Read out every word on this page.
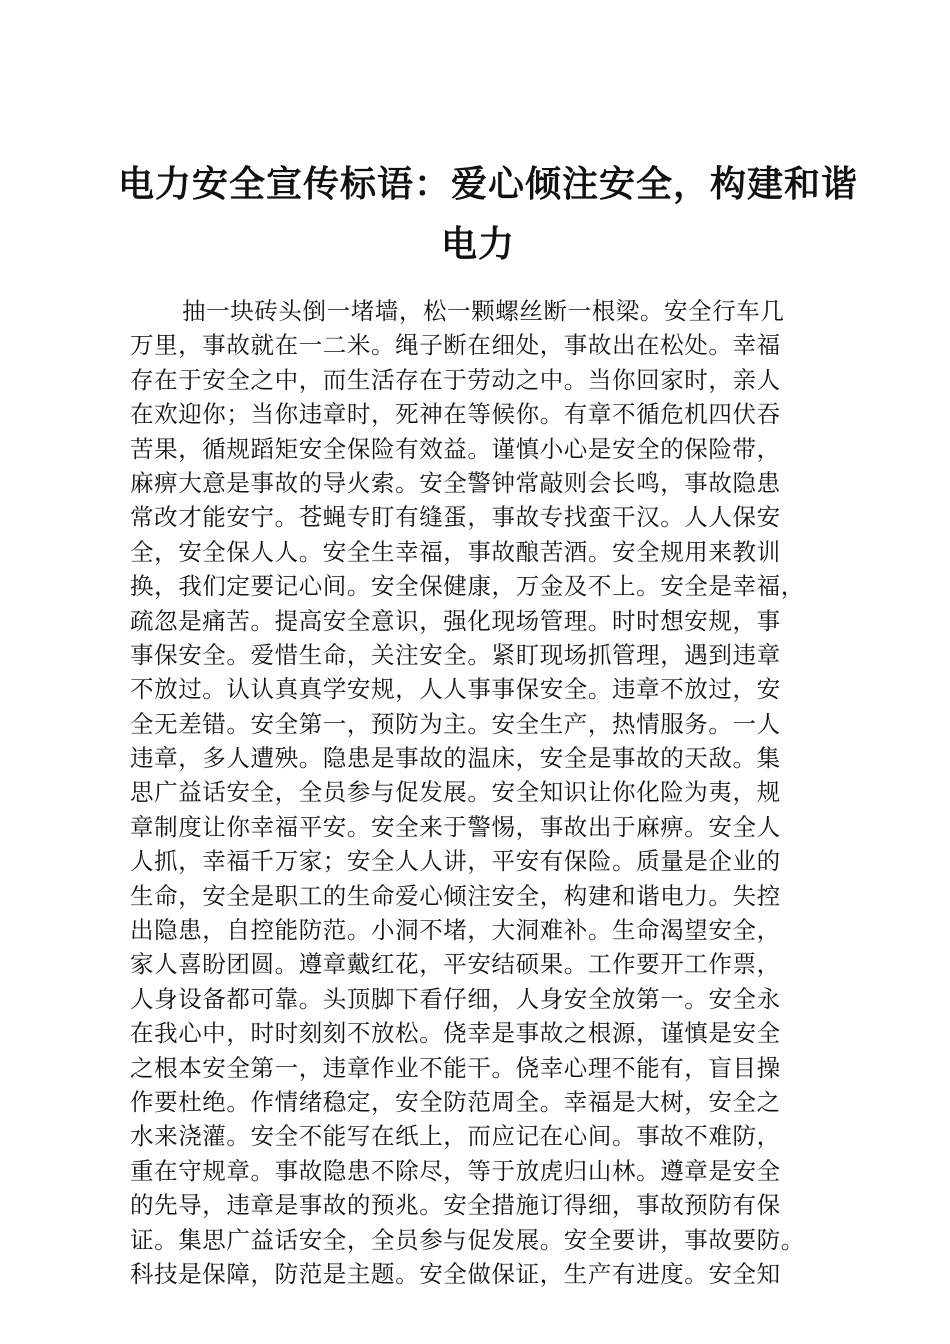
电力安全宣传标语：爱心倾注安全，构建和谐
电力
抽一块砖头倒一堵墙，松一颗螺丝断一根梁。安全行车几
万里，事故就在一二米。绳子断在细处，事故出在松处。幸福
存在于安全之中，而生活存在于劳动之中。当你回家时，亲人
在欢迎你；当你违章时，死神在等候你。有章不循危机四伏吞
苦果，循规蹈矩安全保险有效益。谨慎小心是安全的保险带，
麻痹大意是事故的导火索。安全警钟常敲则会长鸣，事故隐患
常改才能安宁。苍蝇专盯有缝蛋，事故专找蛮干汉。人人保安
全，安全保人人。安全生幸福，事故酿苦酒。安全规用来教训
换，我们定要记心间。安全保健康，万金及不上。安全是幸福，
疏忽是痛苦。提高安全意识，强化现场管理。时时想安规，事
事保安全。爱惜生命，关注安全。紧盯现场抓管理，遇到违章
不放过。认认真真学安规，人人事事保安全。违章不放过，安
全无差错。安全第一，预防为主。安全生产，热情服务。一人
违章，多人遭殃。隐患是事故的温床，安全是事故的天敌。集
思广益话安全，全员参与促发展。安全知识让你化险为夷，规
章制度让你幸福平安。安全来于警惕，事故出于麻痹。安全人
人抓，幸福千万家；安全人人讲，平安有保险。质量是企业的
生命，安全是职工的生命爱心倾注安全，构建和谐电力。失控
出隐患，自控能防范。小洞不堵，大洞难补。生命渴望安全，
家人喜盼团圆。遵章戴红花，平安结硕果。工作要开工作票，
人身设备都可靠。头顶脚下看仔细，人身安全放第一。安全永
在我心中，时时刻刻不放松。侥幸是事故之根源，谨慎是安全
之根本安全第一，违章作业不能干。侥幸心理不能有，盲目操
作要杜绝。作情绪稳定，安全防范周全。幸福是大树，安全之
水来浇灌。安全不能写在纸上，而应记在心间。事故不难防，
重在守规章。事故隐患不除尽，等于放虎归山林。遵章是安全
的先导，违章是事故的预兆。安全措施订得细，事故预防有保
证。集思广益话安全，全员参与促发展。安全要讲，事故要防。
科技是保障，防范是主题。安全做保证，生产有进度。安全知
